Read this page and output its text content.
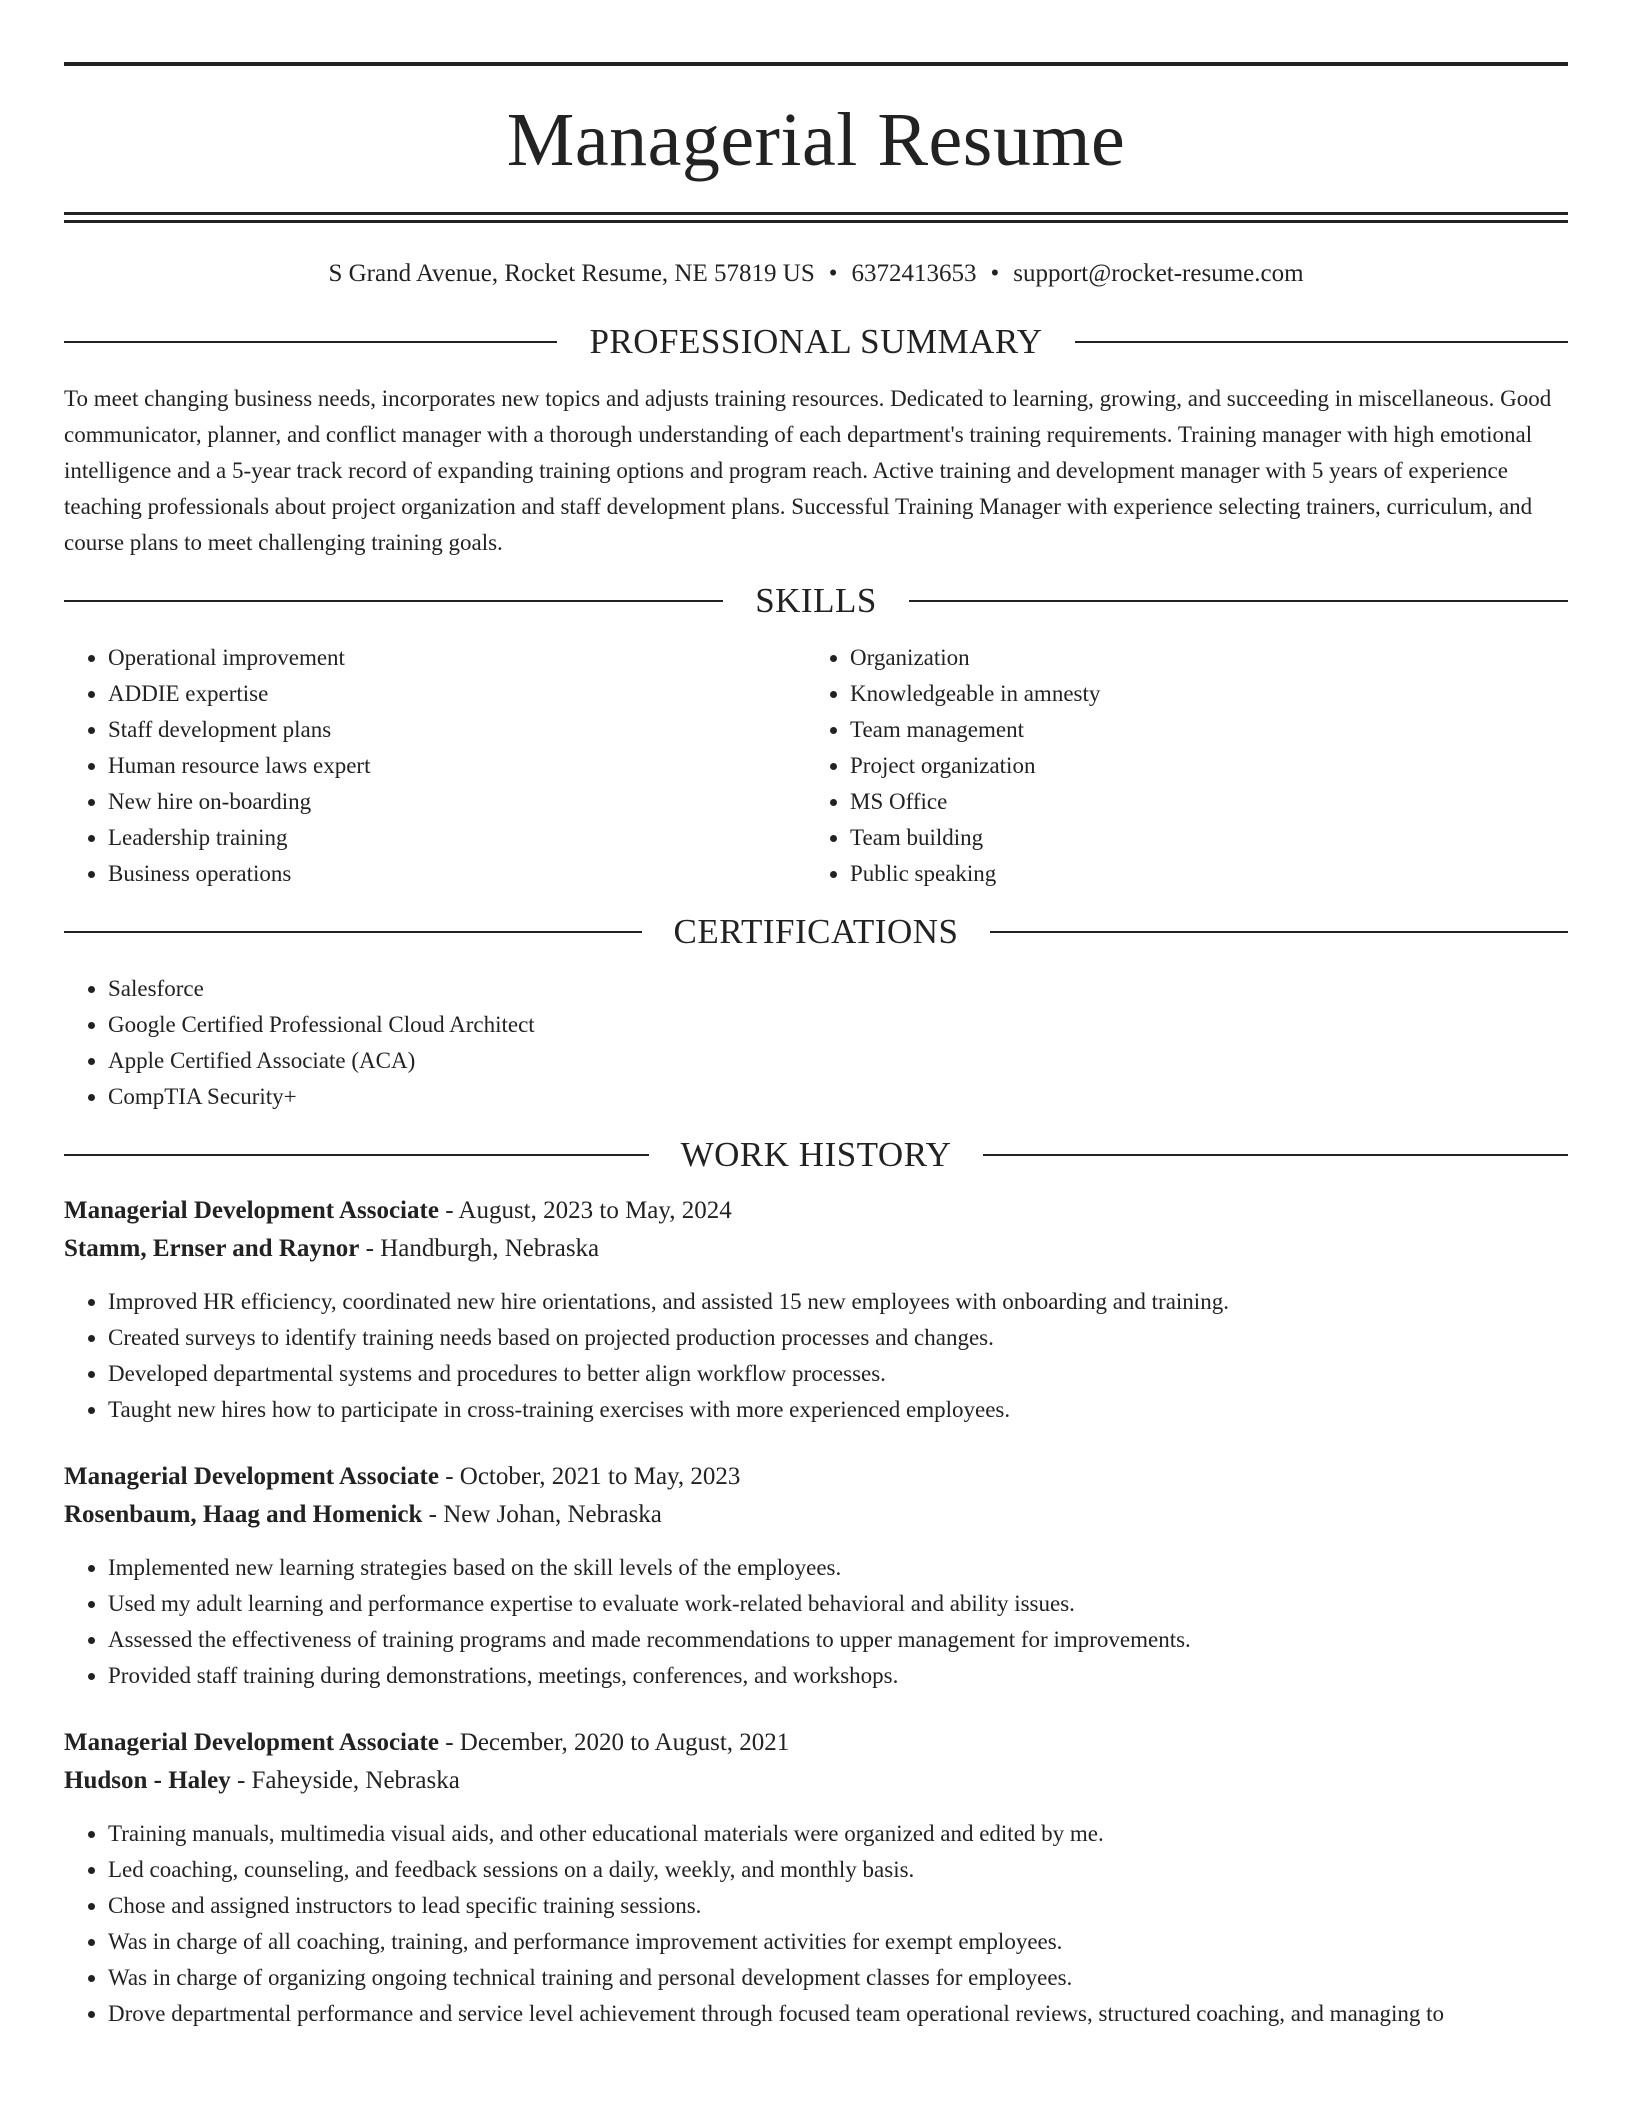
Managerial Resume
S Grand Avenue, Rocket Resume, NE 57819 US • 6372413653 • support@rocket-resume.com
PROFESSIONAL SUMMARY

To meet changing business needs, incorporates new topics and adjusts training resources. Dedicated to learning, growing, and succeeding in miscellaneous. Good communicator, planner, and conflict manager with a thorough understanding of each department's training requirements. Training manager with high emotional intelligence and a 5-year track record of expanding training options and program reach. Active training and development manager with 5 years of experience teaching professionals about project organization and staff development plans. Successful Training Manager with experience selecting trainers, curriculum, and course plans to meet challenging training goals.

SKILLS
• Operational improvement
• ADDIE expertise
• Staff development plans
• Human resource laws expert
• New hire on-boarding
• Leadership training
• Business operations
• Organization
• Knowledgeable in amnesty
• Team management
• Project organization
• MS Office
• Team building
• Public speaking
CERTIFICATIONS
• Salesforce
• Google Certified Professional Cloud Architect
• Apple Certified Associate (ACA)
• CompTIA Security+
WORK HISTORY
Managerial Development Associate - August, 2023 to May, 2024
Stamm, Ernser and Raynor - Handburgh, Nebraska
• Improved HR efficiency, coordinated new hire orientations, and assisted 15 new employees with onboarding and training.
• Created surveys to identify training needs based on projected production processes and changes.
• Developed departmental systems and procedures to better align workflow processes.
• Taught new hires how to participate in cross-training exercises with more experienced employees.
Managerial Development Associate - October, 2021 to May, 2023
Rosenbaum, Haag and Homenick - New Johan, Nebraska
• Implemented new learning strategies based on the skill levels of the employees.
• Used my adult learning and performance expertise to evaluate work-related behavioral and ability issues.
• Assessed the effectiveness of training programs and made recommendations to upper management for improvements.
• Provided staff training during demonstrations, meetings, conferences, and workshops.
Managerial Development Associate - December, 2020 to August, 2021
Hudson - Haley - Faheyside, Nebraska
• Training manuals, multimedia visual aids, and other educational materials were organized and edited by me.
• Led coaching, counseling, and feedback sessions on a daily, weekly, and monthly basis.
• Chose and assigned instructors to lead specific training sessions.
• Was in charge of all coaching, training, and performance improvement activities for exempt employees.
• Was in charge of organizing ongoing technical training and personal development classes for employees.
• Drove departmental performance and service level achievement through focused team operational reviews, structured coaching, and managing to
